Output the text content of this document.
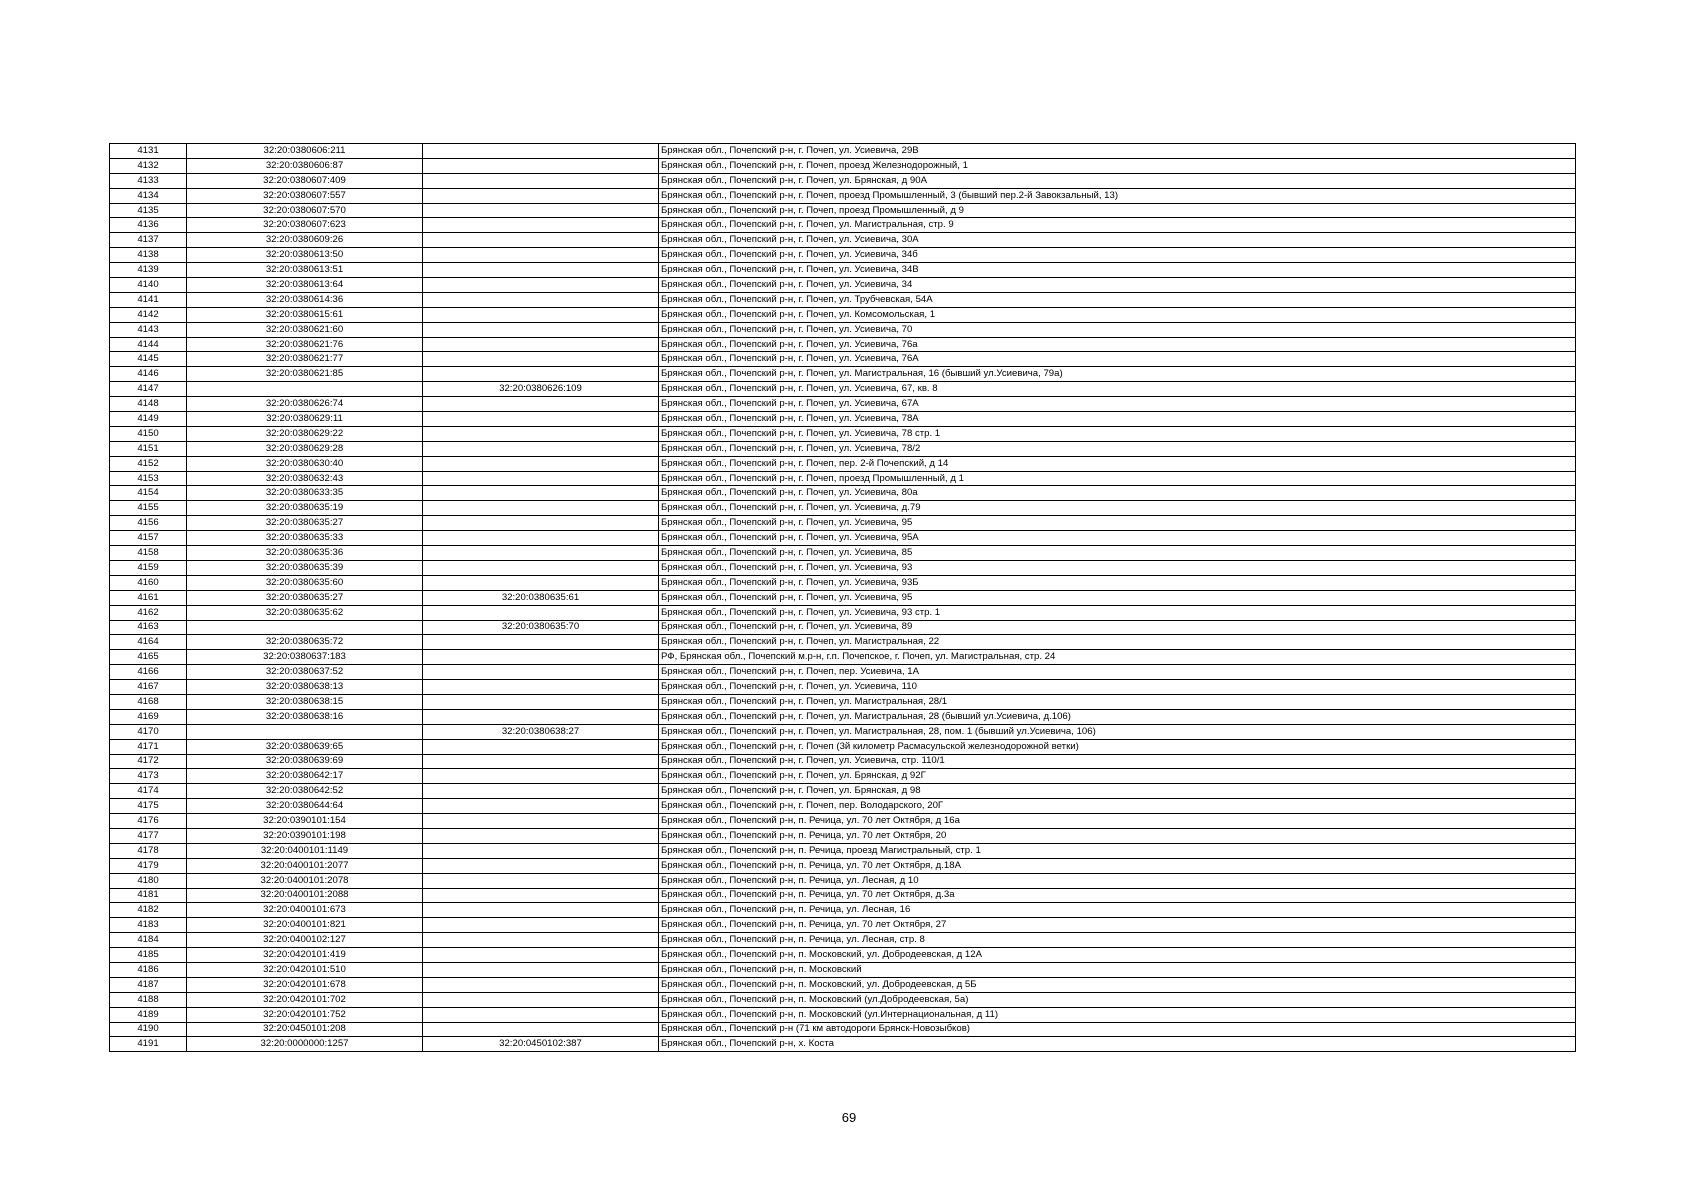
4131	32:20:0380606:211		Брянская обл., Почепский р-н, г. Почеп, ул. Усиевича, 29В
4132	32:20:0380606:87		Брянская обл., Почепский р-н, г. Почеп, проезд Железнодорожный, 1
4133	32:20:0380607:409		Брянская обл., Почепский р-н, г. Почеп, ул. Брянская, д 90А
4134	32:20:0380607:557		Брянская обл., Почепский р-н, г. Почеп, проезд Промышленный, 3 (бывший пер.2-й Завокзальный, 13)
4135	32:20:0380607:570		Брянская обл., Почепский р-н, г. Почеп, проезд Промышленный, д 9
4136	32:20:0380607:623		Брянская обл., Почепский р-н, г. Почеп, ул. Магистральная, стр. 9
4137	32:20:0380609:26		Брянская обл., Почепский р-н, г. Почеп, ул. Усиевича, 30А
4138	32:20:0380613:50		Брянская обл., Почепский р-н, г. Почеп, ул. Усиевича, 34б
4139	32:20:0380613:51		Брянская обл., Почепский р-н, г. Почеп, ул. Усиевича, 34В
4140	32:20:0380613:64		Брянская обл., Почепский р-н, г. Почеп, ул. Усиевича, 34
4141	32:20:0380614:36		Брянская обл., Почепский р-н, г. Почеп, ул. Трубчевская, 54А
4142	32:20:0380615:61		Брянская обл., Почепский р-н, г. Почеп, ул. Комсомольская, 1
4143	32:20:0380621:60		Брянская обл., Почепский р-н, г. Почеп, ул. Усиевича, 70
4144	32:20:0380621:76		Брянская обл., Почепский р-н, г. Почеп, ул. Усиевича, 76а
4145	32:20:0380621:77		Брянская обл., Почепский р-н, г. Почеп, ул. Усиевича, 76А
4146	32:20:0380621:85		Брянская обл., Почепский р-н, г. Почеп, ул. Магистральная, 16 (бывший ул.Усиевича, 79а)
4147		32:20:0380626:109	Брянская обл., Почепский р-н, г. Почеп, ул. Усиевича, 67, кв. 8
4148	32:20:0380626:74		Брянская обл., Почепский р-н, г. Почеп, ул. Усиевича, 67А
4149	32:20:0380629:11		Брянская обл., Почепский р-н, г. Почеп, ул. Усиевича, 78А
4150	32:20:0380629:22		Брянская обл., Почепский р-н, г. Почеп, ул. Усиевича, 78 стр. 1
4151	32:20:0380629:28		Брянская обл., Почепский р-н, г. Почеп, ул. Усиевича, 78/2
4152	32:20:0380630:40		Брянская обл., Почепский р-н, г. Почеп, пер. 2-й Почепский, д 14
4153	32:20:0380632:43		Брянская обл., Почепский р-н, г. Почеп, проезд Промышленный, д 1
4154	32:20:0380633:35		Брянская обл., Почепский р-н, г. Почеп, ул. Усиевича, 80а
4155	32:20:0380635:19		Брянская обл., Почепский р-н, г. Почеп, ул. Усиевича, д.79
4156	32:20:0380635:27		Брянская обл., Почепский р-н, г. Почеп, ул. Усиевича, 95
4157	32:20:0380635:33		Брянская обл., Почепский р-н, г. Почеп, ул. Усиевича, 95А
4158	32:20:0380635:36		Брянская обл., Почепский р-н, г. Почеп, ул. Усиевича, 85
4159	32:20:0380635:39		Брянская обл., Почепский р-н, г. Почеп, ул. Усиевича, 93
4160	32:20:0380635:60		Брянская обл., Почепский р-н, г. Почеп, ул. Усиевича, 93Б
4161	32:20:0380635:27	32:20:0380635:61	Брянская обл., Почепский р-н, г. Почеп, ул. Усиевича, 95
4162	32:20:0380635:62		Брянская обл., Почепский р-н, г. Почеп, ул. Усиевича, 93 стр. 1
4163		32:20:0380635:70	Брянская обл., Почепский р-н, г. Почеп, ул. Усиевича, 89
4164	32:20:0380635:72		Брянская обл., Почепский р-н, г. Почеп, ул. Магистральная, 22
4165	32:20:0380637:183		РФ, Брянская обл., Почепский м.р-н, г.п. Почепское, г. Почеп, ул. Магистральная, стр. 24
4166	32:20:0380637:52		Брянская обл., Почепский р-н, г. Почеп, пер. Усиевича, 1А
4167	32:20:0380638:13		Брянская обл., Почепский р-н, г. Почеп, ул. Усиевича, 110
4168	32:20:0380638:15		Брянская обл., Почепский р-н, г. Почеп, ул. Магистральная, 28/1
4169	32:20:0380638:16		Брянская обл., Почепский р-н, г. Почеп, ул. Магистральная, 28 (бывший ул.Усиевича, д.106)
4170		32:20:0380638:27	Брянская обл., Почепский р-н, г. Почеп, ул. Магистральная, 28, пом. 1 (бывший ул.Усиевича, 106)
4171	32:20:0380639:65		Брянская обл., Почепский р-н, г. Почеп (3й километр Расмасульской железнодорожной ветки)
4172	32:20:0380639:69		Брянская обл., Почепский р-н, г. Почеп, ул. Усиевича, стр. 110/1
4173	32:20:0380642:17		Брянская обл., Почепский р-н, г. Почеп, ул. Брянская, д 92Г
4174	32:20:0380642:52		Брянская обл., Почепский р-н, г. Почеп, ул. Брянская, д 98
4175	32:20:0380644:64		Брянская обл., Почепский р-н, г. Почеп, пер. Володарского, 20Г
4176	32:20:0390101:154		Брянская обл., Почепский р-н, п. Речица, ул. 70 лет Октября, д 16а
4177	32:20:0390101:198		Брянская обл., Почепский р-н, п. Речица, ул. 70 лет Октября, 20
4178	32:20:0400101:1149		Брянская обл., Почепский р-н, п. Речица, проезд Магистральный, стр. 1
4179	32:20:0400101:2077		Брянская обл., Почепский р-н, п. Речица, ул. 70 лет Октября, д.18А
4180	32:20:0400101:2078		Брянская обл., Почепский р-н, п. Речица, ул. Лесная, д 10
4181	32:20:0400101:2088		Брянская обл., Почепский р-н, п. Речица, ул. 70 лет Октября, д.3а
4182	32:20:0400101:673		Брянская обл., Почепский р-н, п. Речица, ул. Лесная, 16
4183	32:20:0400101:821		Брянская обл., Почепский р-н, п. Речица, ул. 70 лет Октября, 27
4184	32:20:0400102:127		Брянская обл., Почепский р-н, п. Речица, ул. Лесная, стр. 8
4185	32:20:0420101:419		Брянская обл., Почепский р-н, п. Московский, ул. Добродеевская, д 12А
4186	32:20:0420101:510		Брянская обл., Почепский р-н, п. Московский
4187	32:20:0420101:678		Брянская обл., Почепский р-н, п. Московский, ул. Добродеевская, д 5Б
4188	32:20:0420101:702		Брянская обл., Почепский р-н, п. Московский (ул.Добродеевская, 5а)
4189	32:20:0420101:752		Брянская обл., Почепский р-н, п. Московский (ул.Интернациональная, д 11)
4190	32:20:0450101:208		Брянская обл., Почепский р-н (71 км автодороги Брянск-Новозыбков)
4191	32:20:0000000:1257	32:20:0450102:387	Брянская обл., Почепский р-н, х. Коста
69
